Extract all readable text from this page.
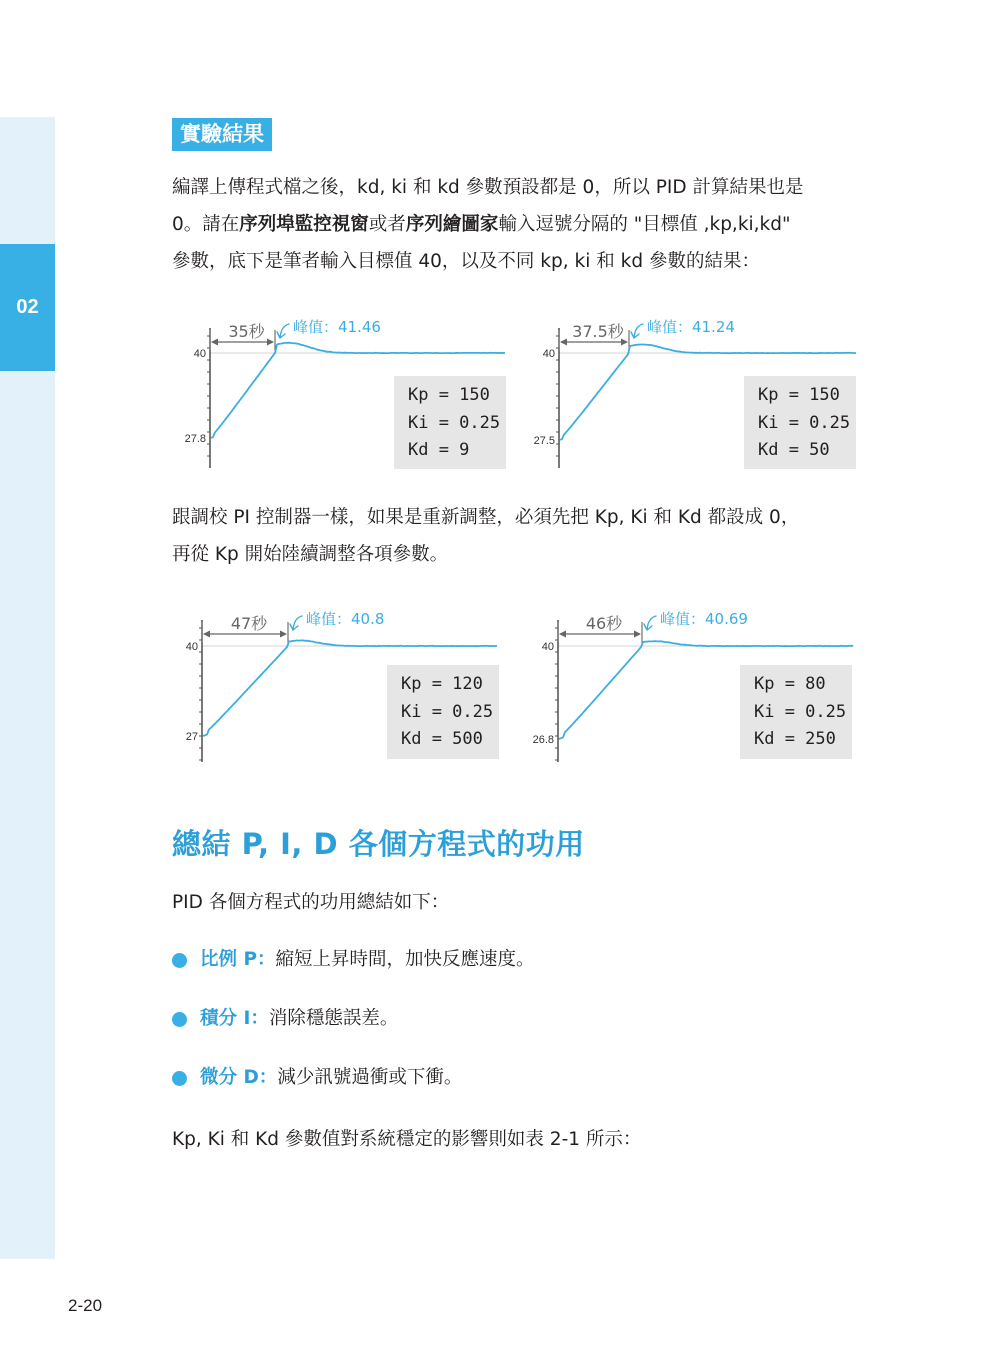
02
實驗結果

編譯上傳程式檔之後，kd, ki 和 kd 參數預設都是 0，所以 PID 計算結果也是
0。請在序列埠監控視窗或者序列繪圖家輸入逗號分隔的 "目標值 ,kp,ki,kd"
參數，底下是筆者輸入目標值 40，以及不同 kp, ki 和 kd 參數的結果：

40
27.8
35秒 峰值：41.46
Kp = 150
Ki = 0.25
Kd = 9
40
27.5
37.5秒 峰值：41.24
Kp = 150
Ki = 0.25
Kd = 50

跟調校 PI 控制器一樣，如果是重新調整，必須先把 Kp, Ki 和 Kd 都設成 0，
再從 Kp 開始陸續調整各項參數。

40
27
47秒	峰值：40.8
Kp = 120
Ki = 0.25
Kd = 500
40
26.8
46秒	峰值：40.69
Kp = 80
Ki = 0.25
Kd = 250
總結 P, I, D 各個方程式的功用

PID 各個方程式的功用總結如下：

比例 P： 縮短上昇時間，加快反應速度。
積分 I： 消除穩態誤差。
微分 D： 減少訊號過衝或下衝。

Kp, Ki 和 Kd 參數值對系統穩定的影響則如表 2-1 所示：

2-20
